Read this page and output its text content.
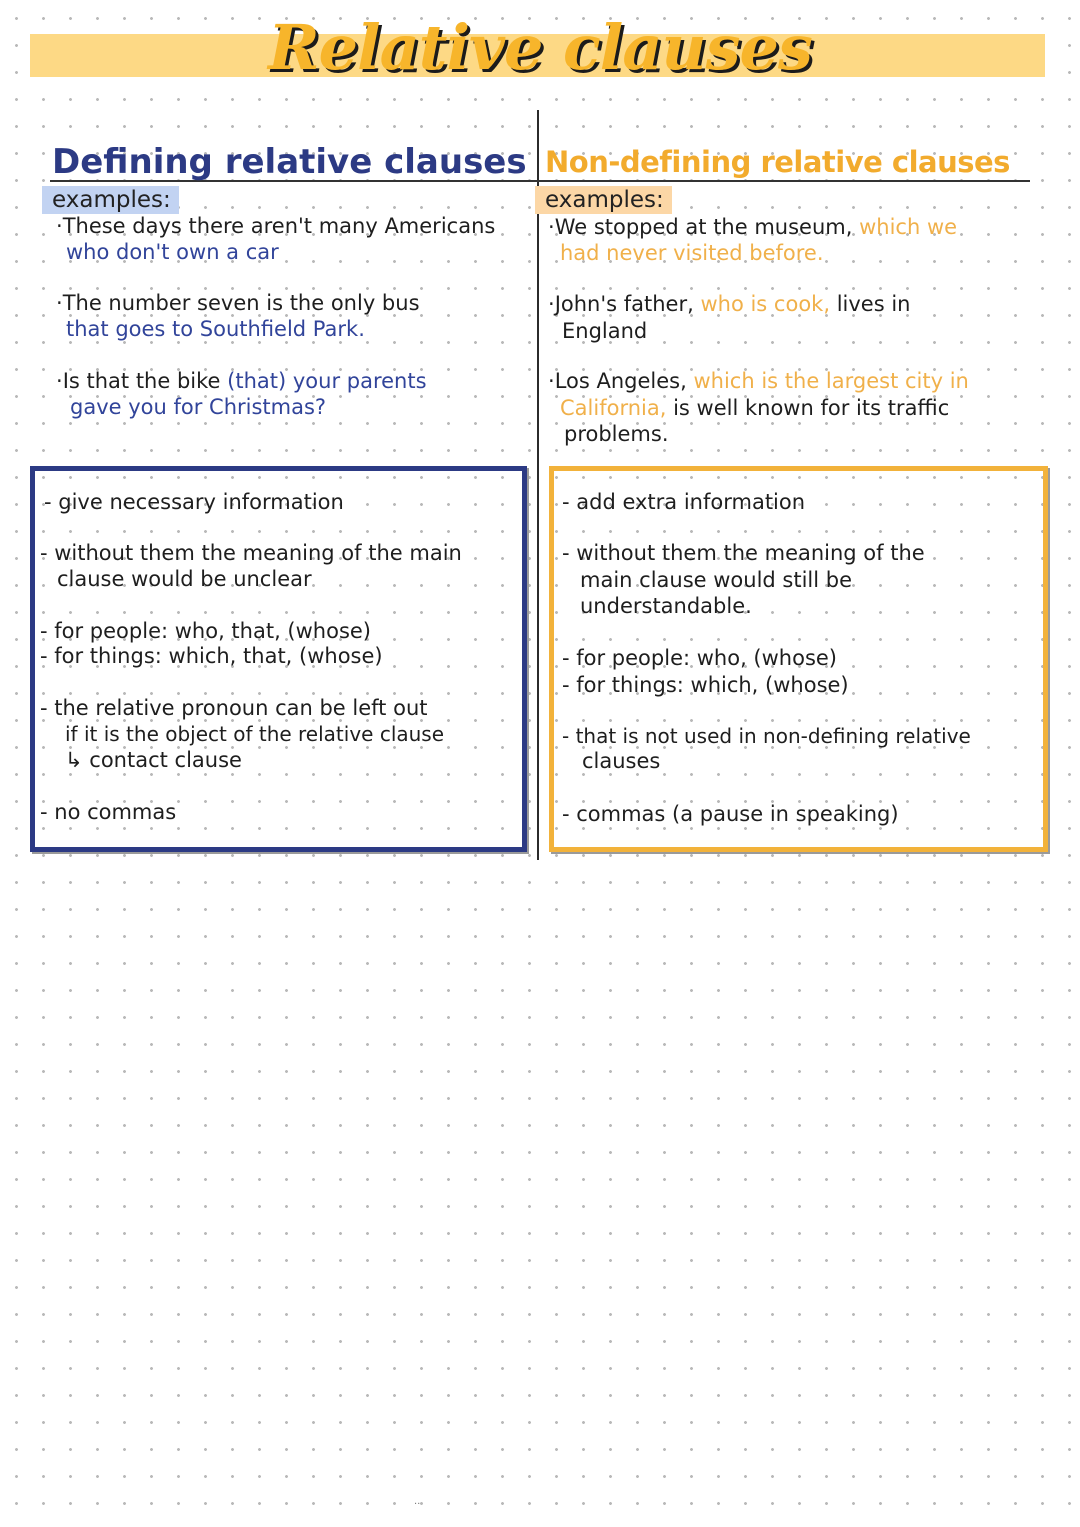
Relative clauses
Defining relative clauses Non-defining relative clauses
examples:	examples:
·These days there aren't many Americans
who don't own a car
·The number seven is the only bus
that goes to Southfield Park.
·Is that the bike (that) your parents
gave you for Christmas?
·We stopped at the museum, which we
had never visited before.
·John's father, who is cook, lives in
England
·Los Angeles, which is the largest city in
California, is well known for its traffic
problems.
- give necessary information
- without them the meaning of the main
clause would be unclear
- for people: who, that, (whose)
- for things: which, that, (whose)
- the relative pronoun can be left out
if it is the object of the relative clause
↳ contact clause
- no commas
- add extra information
- without them the meaning of the
main clause would still be
understandable.
- for people: who, (whose)
- for things: which, (whose)
- that is not used in non-defining relative
clauses
- commas (a pause in speaking)
..
